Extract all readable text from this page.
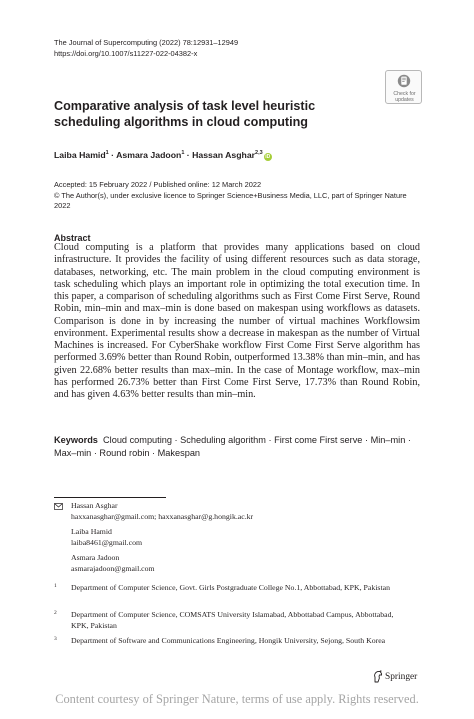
The Journal of Supercomputing (2022) 78:12931–12949
https://doi.org/10.1007/s11227-022-04382-x
Check for
updates
Comparative analysis of task level heuristic scheduling algorithms in cloud computing
Laiba Hamid$^1$ · Asmara Jadoon$^1$ · Hassan Asghar$^{2,3}$iD
Accepted: 15 February 2022 / Published online: 12 March 2022
© The Author(s), under exclusive licence to Springer Science+Business Media, LLC, part of Springer Nature 2022
Abstract
Cloud computing is a platform that provides many applications based on cloud infrastructure. It provides the facility of using different resources such as data storage, databases, networking, etc. The main problem in the cloud computing environment is task scheduling which plays an important role in optimizing the total execution time. In this paper, a comparison of scheduling algorithms such as First Come First Serve, Round Robin, min–min and max–min is done based on makespan using workflows as datasets. Comparison is done in by increasing the number of virtual machines Workflowsim environment. Experimental results show a decrease in makespan as the number of Virtual Machines is increased. For CyberShake workflow First Come First Serve algorithm has performed 3.69% better than Round Robin, outperformed 13.38% than min–min, and has given 22.68% better results than max–min. In the case of Montage workflow, max–min has performed 26.73% better than First Come First Serve, 17.73% than Round Robin, and has given 4.63% better results than min–min.
Keywords Cloud computing · Scheduling algorithm · First come First serve · Min–min · Max–min · Round robin · Makespan
Hassan Asghar
haxxanasghar@gmail.com; haxxanasghar@g.hongik.ac.kr
Laiba Hamid
laiba8461@gmail.com
Asmara Jadoon
asmarajadoon@gmail.com
1 Department of Computer Science, Govt. Girls Postgraduate College No.1, Abbottabad, KPK, Pakistan
2 Department of Computer Science, COMSATS University Islamabad, Abbottabad Campus, Abbottabad, KPK, Pakistan
3 Department of Software and Communications Engineering, Hongik University, Sejong, South Korea
Springer
Content courtesy of Springer Nature, terms of use apply. Rights reserved.
